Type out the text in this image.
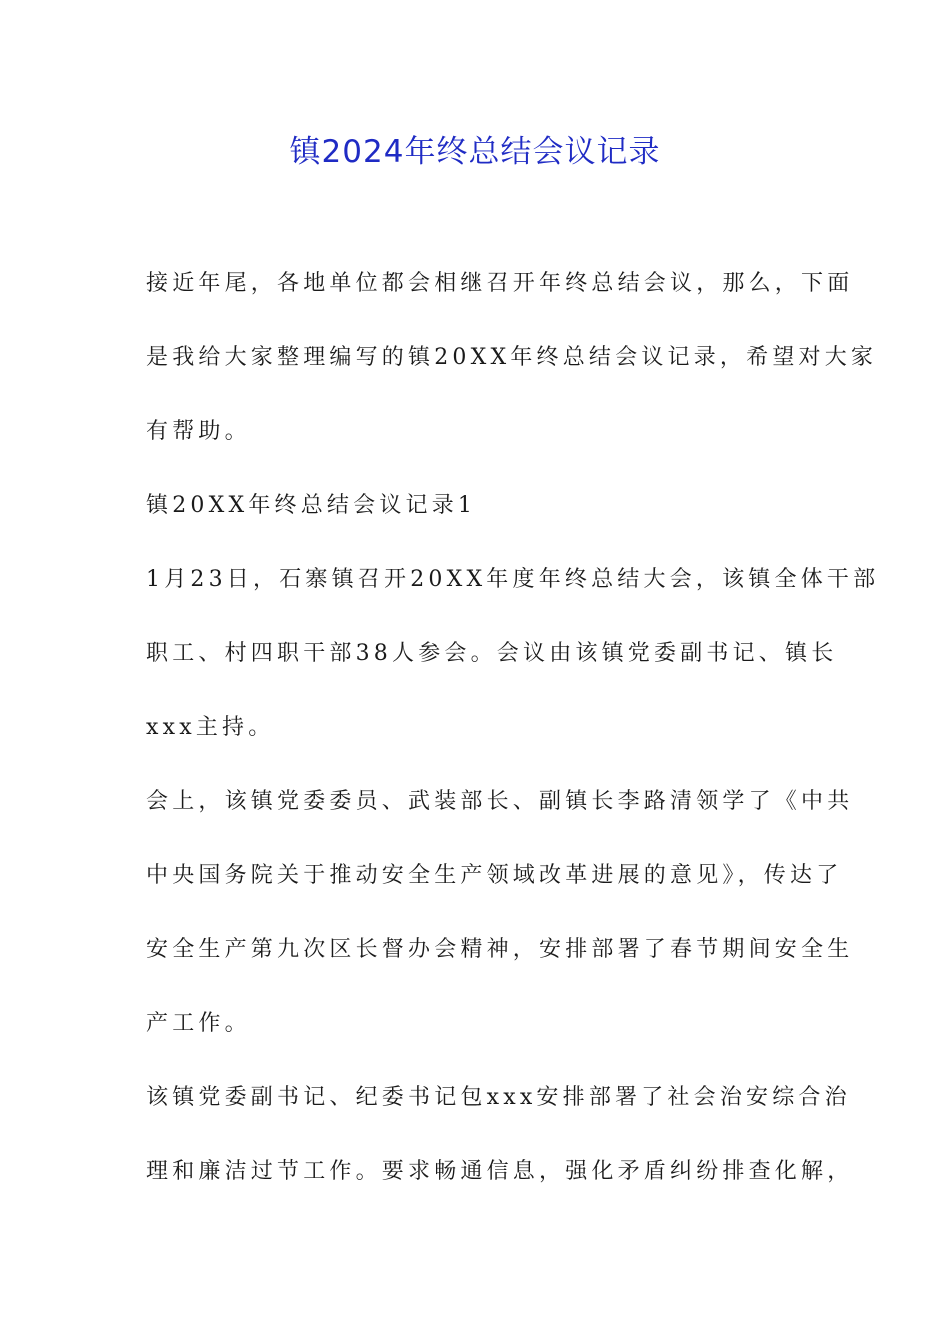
镇2024年终总结会议记录
接近年尾，各地单位都会相继召开年终总结会议，那么，下面
是我给大家整理编写的镇20XX年终总结会议记录，希望对大家
有帮助。
镇20XX年终总结会议记录1
1月23日，石寨镇召开20XX年度年终总结大会，该镇全体干部
职工、村四职干部38人参会。会议由该镇党委副书记、镇长
xxx主持。
会上，该镇党委委员、武装部长、副镇长李路清领学了《中共
中央国务院关于推动安全生产领域改革进展的意见》，传达了
安全生产第九次区长督办会精神，安排部署了春节期间安全生
产工作。
该镇党委副书记、纪委书记包xxx安排部署了社会治安综合治
理和廉洁过节工作。要求畅通信息，强化矛盾纠纷排查化解，
